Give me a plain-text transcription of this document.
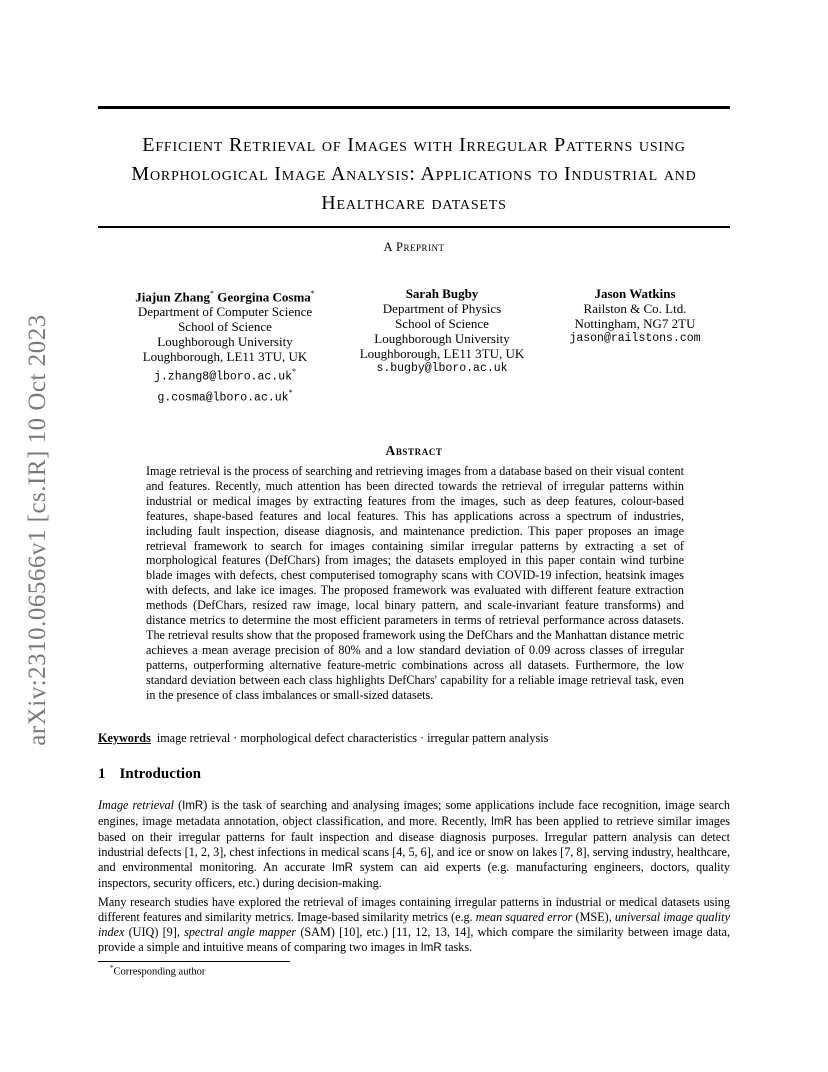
arXiv:2310.06566v1 [cs.IR] 10 Oct 2023
Efficient Retrieval of Images with Irregular Patterns using Morphological Image Analysis: Applications to Industrial and Healthcare datasets
A Preprint
Jiajun Zhang* Georgina Cosma*
Department of Computer Science
School of Science
Loughborough University
Loughborough, LE11 3TU, UK
j.zhang8@lboro.ac.uk*
g.cosma@lboro.ac.uk*
Sarah Bugby
Department of Physics
School of Science
Loughborough University
Loughborough, LE11 3TU, UK
s.bugby@lboro.ac.uk
Jason Watkins
Railston & Co. Ltd.
Nottingham, NG7 2TU
jason@railstons.com
Abstract

Image retrieval is the process of searching and retrieving images from a database based on their visual content and features. Recently, much attention has been directed towards the retrieval of irregular patterns within industrial or medical images by extracting features from the images, such as deep features, colour-based features, shape-based features and local features. This has applications across a spectrum of industries, including fault inspection, disease diagnosis, and maintenance prediction. This paper proposes an image retrieval framework to search for images containing similar irregular patterns by extracting a set of morphological features (DefChars) from images; the datasets employed in this paper contain wind turbine blade images with defects, chest computerised tomography scans with COVID-19 infection, heatsink images with defects, and lake ice images. The proposed framework was evaluated with different feature extraction methods (DefChars, resized raw image, local binary pattern, and scale-invariant feature transforms) and distance metrics to determine the most efficient parameters in terms of retrieval performance across datasets. The retrieval results show that the proposed framework using the DefChars and the Manhattan distance metric achieves a mean average precision of 80% and a low standard deviation of 0.09 across classes of irregular patterns, outperforming alternative feature-metric combinations across all datasets. Furthermore, the low standard deviation between each class highlights DefChars' capability for a reliable image retrieval task, even in the presence of class imbalances or small-sized datasets.

Keywords image retrieval · morphological defect characteristics · irregular pattern analysis
1 Introduction

Image retrieval (ImR) is the task of searching and analysing images; some applications include face recognition, image search engines, image metadata annotation, object classification, and more. Recently, ImR has been applied to retrieve similar images based on their irregular patterns for fault inspection and disease diagnosis purposes. Irregular pattern analysis can detect industrial defects [1, 2, 3], chest infections in medical scans [4, 5, 6], and ice or snow on lakes [7, 8], serving industry, healthcare, and environmental monitoring. An accurate ImR system can aid experts (e.g. manufacturing engineers, doctors, quality inspectors, security officers, etc.) during decision-making.

Many research studies have explored the retrieval of images containing irregular patterns in industrial or medical datasets using different features and similarity metrics. Image-based similarity metrics (e.g. mean squared error (MSE), universal image quality index (UIQ) [9], spectral angle mapper (SAM) [10], etc.) [11, 12, 13, 14], which compare the similarity between image data, provide a simple and intuitive means of comparing two images in ImR tasks.

*Corresponding author
